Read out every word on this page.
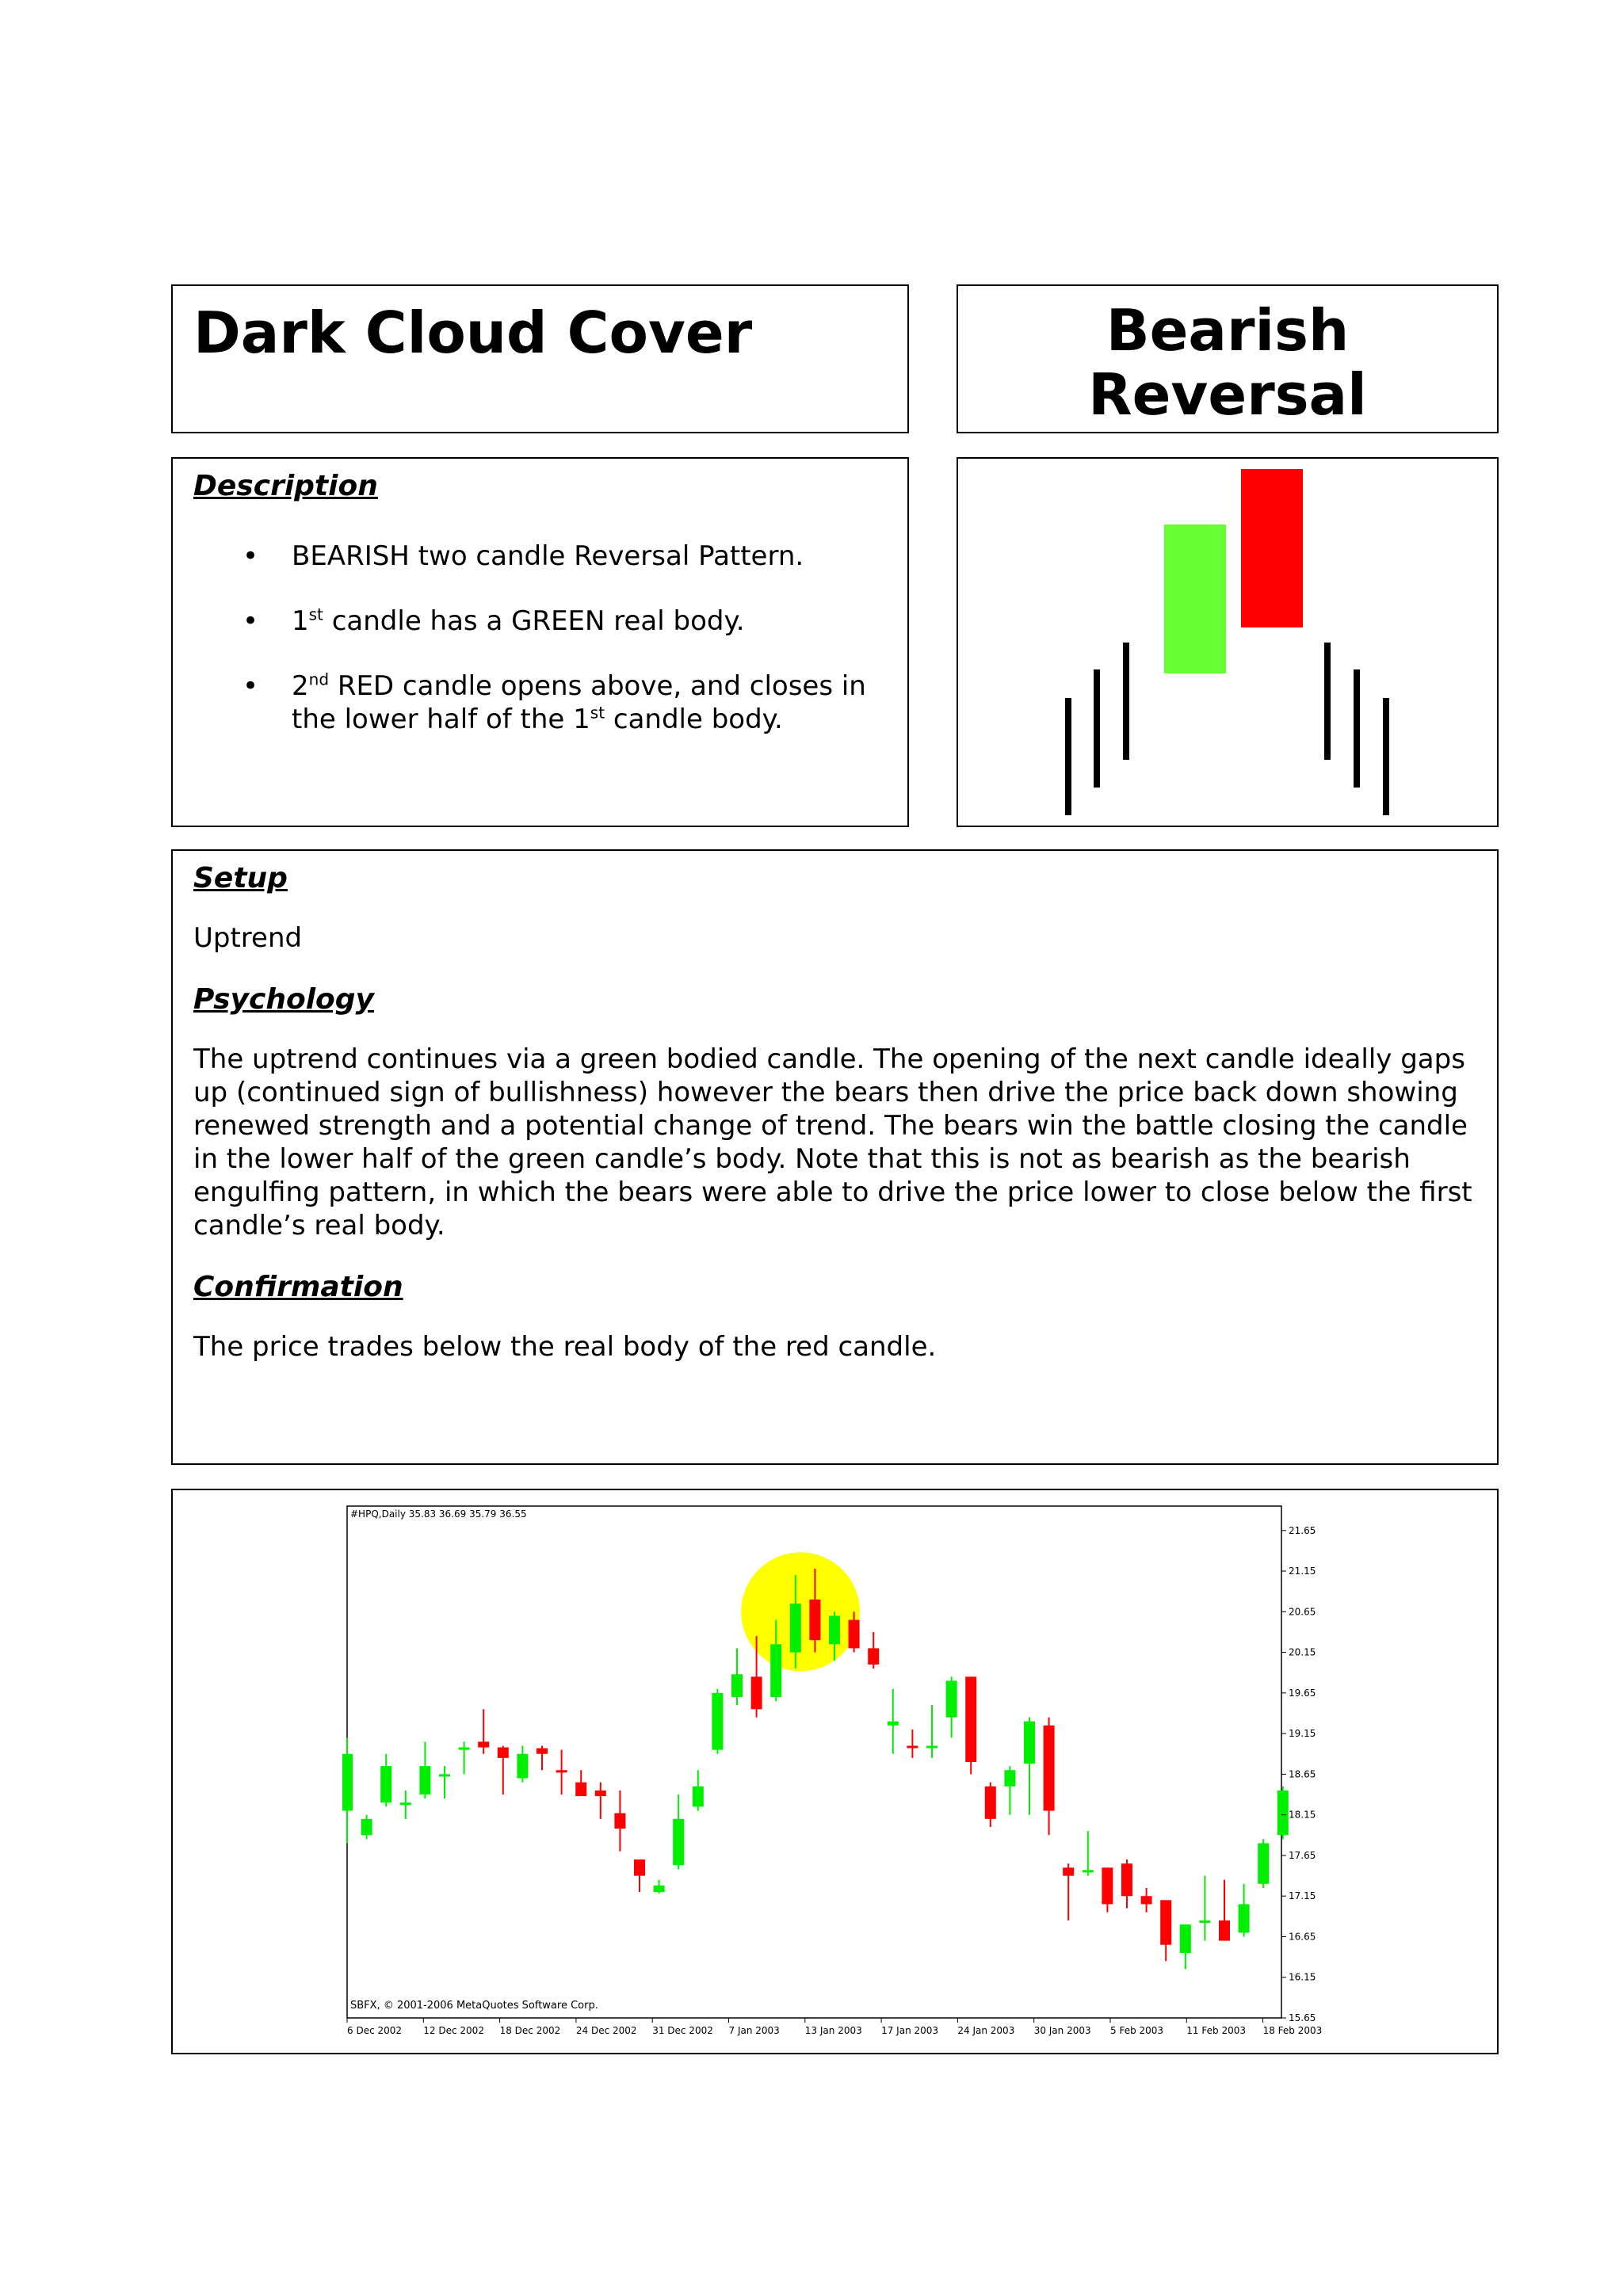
Dark Cloud Cover	Bearish Reversal

Description

• BEARISH two candle Reversal Pattern.
• 1st candle has a GREEN real body.
• 2nd RED candle opens above, and closes in the lower half of the 1st candle body.

Setup

Uptrend

Psychology

The uptrend continues via a green bodied candle. The opening of the next candle ideally gaps up (continued sign of bullishness) however the bears then drive the price back down showing renewed strength and a potential change of trend. The bears win the battle closing the candle in the lower half of the green candle’s body. Note that this is not as bearish as the bearish engulfing pattern, in which the bears were able to drive the price lower to close below the first candle’s real body.

Confirmation

The price trades below the real body of the red candle.

21.65
21.15
20.65
20.15
19.65
19.15
18.65
18.15
17.65
17.15
16.65
16.15
15.65
6 Dec 2002 12 Dec 2002 18 Dec 2002 24 Dec 2002 31 Dec 2002 7 Jan 2003	13 Jan 2003 17 Jan 2003 24 Jan 2003 30 Jan 2003 5 Feb 2003 11 Feb 2003 18 Feb 2003
#HPQ,Daily 35.83 36.69 35.79 36.55
SBFX, © 2001-2006 MetaQuotes Software Corp.
